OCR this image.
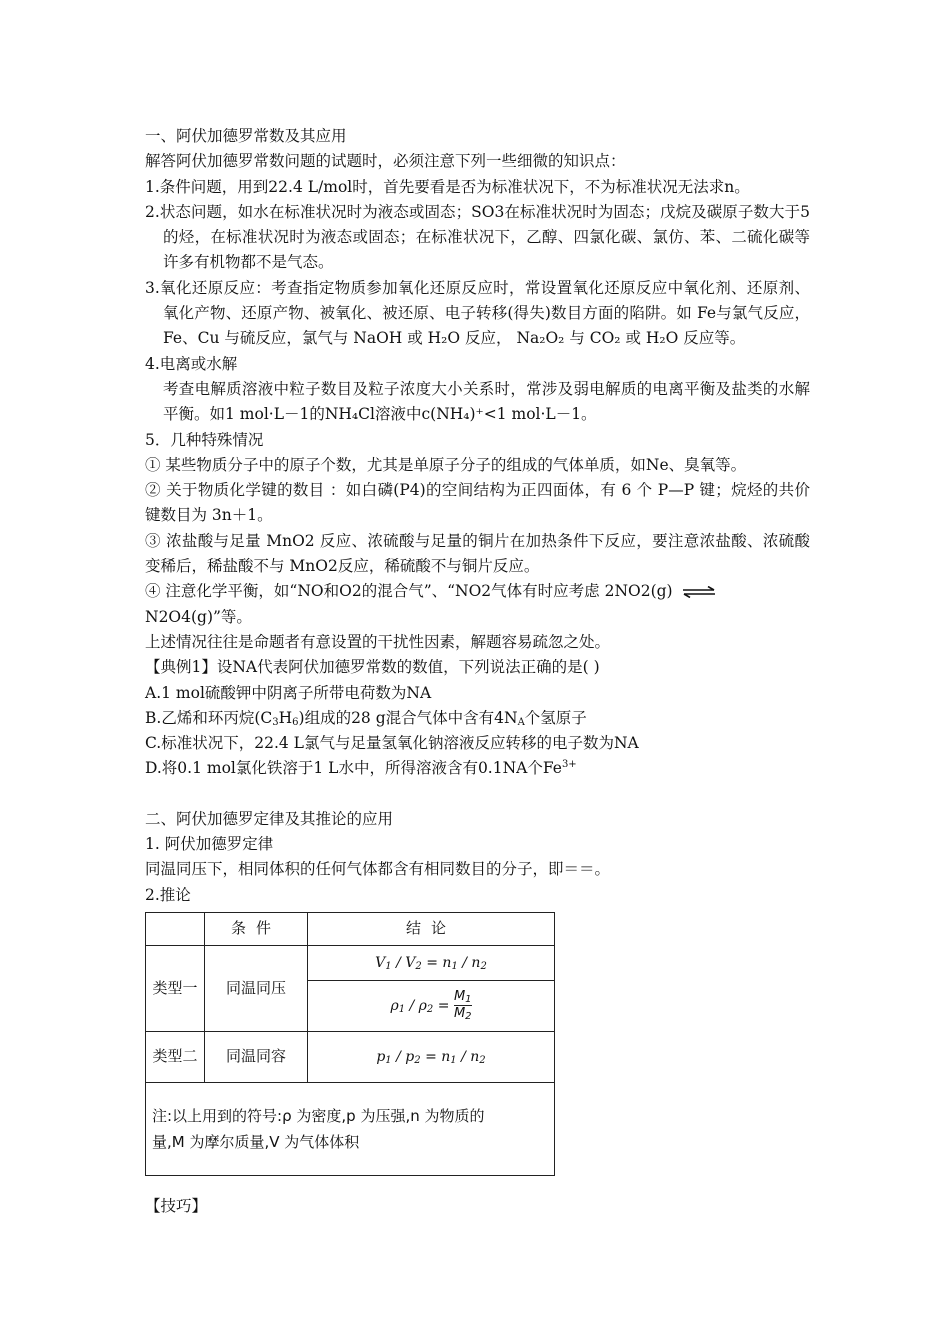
一、阿伏加德罗常数及其应用

解答阿伏加德罗常数问题的试题时，必须注意下列一些细微的知识点：

1.条件问题，用到22.4 L/mol时，首先要看是否为标准状况下，不为标准状况无法求n。

2.状态问题，如水在标准状况时为液态或固态；SO3在标准状况时为固态；戊烷及碳原子数大于5的烃，在标准状况时为液态或固态；在标准状况下，乙醇、四氯化碳、氯仿、苯、二硫化碳等许多有机物都不是气态。

3.氧化还原反应：考查指定物质参加氧化还原反应时，常设置氧化还原反应中氧化剂、还原剂、氧化产物、还原产物、被氧化、被还原、电子转移(得失)数目方面的陷阱。如 Fe与氯气反应，Fe、Cu 与硫反应，氯气与 NaOH 或 H₂O 反应， Na₂O₂ 与 CO₂ 或 H₂O 反应等。

4.电离或水解

考查电解质溶液中粒子数目及粒子浓度大小关系时，常涉及弱电解质的电离平衡及盐类的水解平衡。如1 mol·L－1的NH₄Cl溶液中c(NH₄)⁺<1 mol·L－1。

5．几种特殊情况

① 某些物质分子中的原子个数，尤其是单原子分子的组成的气体单质，如Ne、臭氧等。

② 关于物质化学键的数目 ：如白磷(P4)的空间结构为正四面体，有 6 个 P—P 键；烷烃的共价键数目为 3n＋1。

③ 浓盐酸与足量 MnO2 反应、浓硫酸与足量的铜片在加热条件下反应，要注意浓盐酸、浓硫酸变稀后，稀盐酸不与 MnO2反应，稀硫酸不与铜片反应。

④ 注意化学平衡，如“NO和O2的混合气”、“NO2气体有时应考虑 2NO2(g) ⇌

N2O4(g)”等。

上述情况往往是命题者有意设置的干扰性因素，解题容易疏忽之处。

【典例1】设NA代表阿伏加德罗常数的数值，下列说法正确的是( )

A.1 mol硫酸钾中阴离子所带电荷数为NA

B.乙烯和环丙烷$(C_3H_6)$组成的28 g混合气体中含有$4N_A$个氢原子

C.标准状况下，22.4 L氯气与足量氢氧化钠溶液反应转移的电子数为NA

D.将0.1 mol氯化铁溶于1 L水中，所得溶液含有0.1NA个$Fe^{3+}$

二、阿伏加德罗定律及其推论的应用

1. 阿伏加德罗定律

同温同压下，相同体积的任何气体都含有相同数目的分子，即＝＝。

2.推论

	条件	结论
类型一	同温同压	$V_1 / V_2 = n_1 / n_2$
		$\rho_1 / \rho_2 = \frac{M_1}{M_2}$

类型二	同温同容	$p_1 / p_2 = n_1 / n_2$

注:以上用到的符号:ρ 为密度,p 为压强,n 为物质的
量,M 为摩尔质量,V 为气体体积		

【技巧】
